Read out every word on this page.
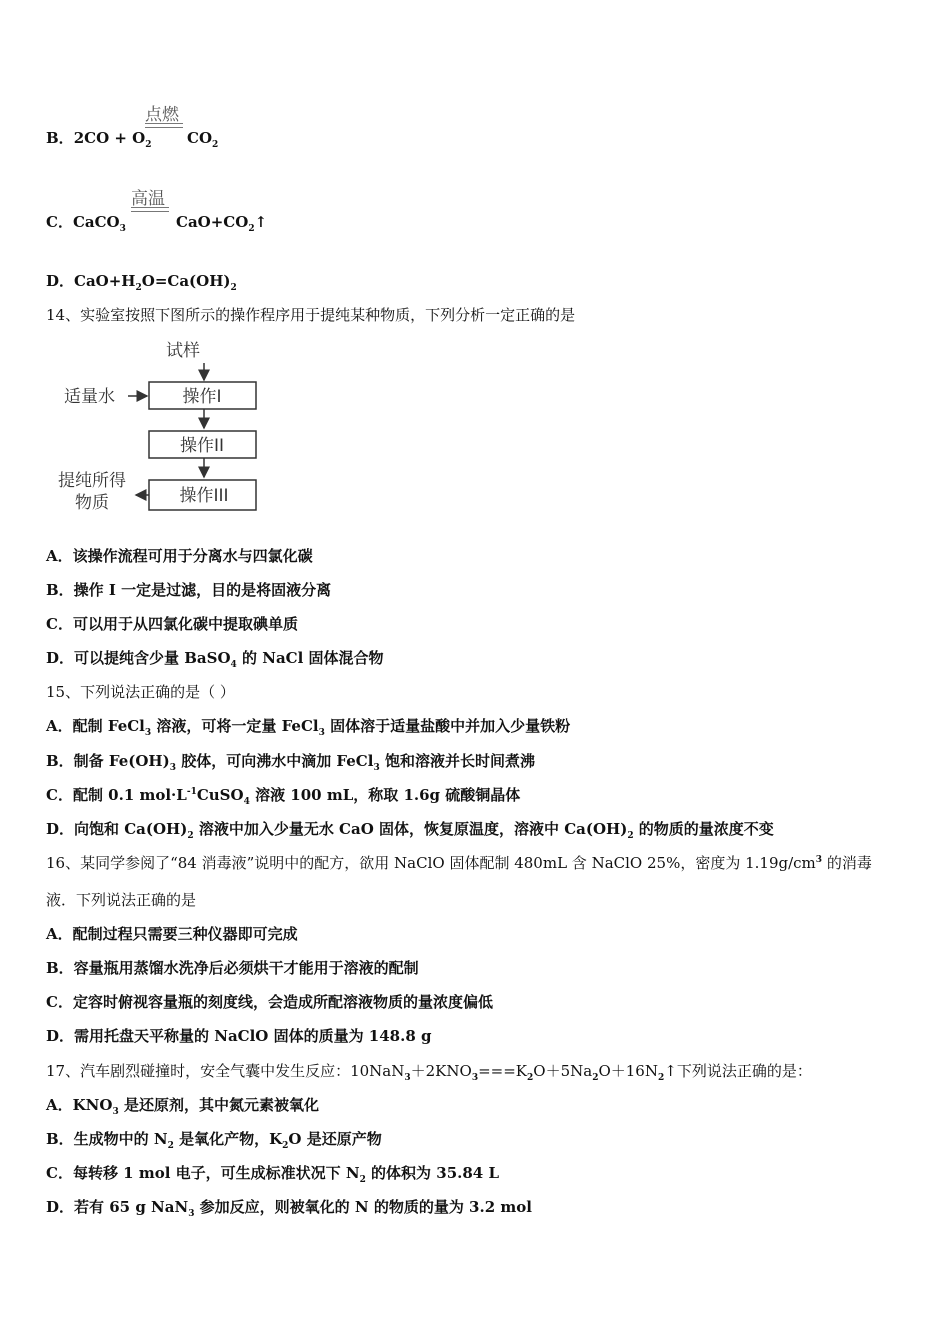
B．$2CO + O_2$
点燃
$CO_2$
C．CaCO$_3$
高温
$CaO+CO_2↑$
D．$CaO+H_2O=Ca(OH)_2$
14、实验室按照下图所示的操作程序用于提纯某种物质，下列分析一定正确的是
试样
操作I
适量水
操作II
操作III
提纯所得
物质
A．该操作流程可用于分离水与四氯化碳
B．操作 I 一定是过滤，目的是将固液分离
C．可以用于从四氯化碳中提取碘单质
D．可以提纯含少量 BaSO$_4$ 的 NaCl 固体混合物
15、下列说法正确的是（ ）
A．配制 FeCl$_3$ 溶液，可将一定量 FeCl$_3$ 固体溶于适量盐酸中并加入少量铁粉
B．制备 $Fe(OH)_3$ 胶体，可向沸水中滴加 FeCl$_3$ 饱和溶液并长时间煮沸
C．配制 0.1 $mol\cdot L^{-1}CuSO_4$ 溶液 100 mL，称取 1.6g 硫酸铜晶体
D．向饱和 $Ca(OH)_2$ 溶液中加入少量无水 CaO 固体，恢复原温度，溶液中 $Ca(OH)_2$ 的物质的量浓度不变
16、某同学参阅了“84 消毒液”说明中的配方，欲用 NaClO 固体配制 480mL 含 NaClO 25%，密度为 $1.19g/cm^3$ 的消毒
液．下列说法正确的是
A．配制过程只需要三种仪器即可完成
B．容量瓶用蒸馏水洗净后必须烘干才能用于溶液的配制
C．定容时俯视容量瓶的刻度线，会造成所配溶液物质的量浓度偏低
D．需用托盘天平称量的 NaClO 固体的质量为 148.8 g
17、汽车剧烈碰撞时，安全气囊中发生反应：$10NaN_3+2KNO_3===K_2O+5Na_2O+16N_2↑$下列说法正确的是：
A．$KNO_3$ 是还原剂，其中氮元素被氧化
B．生成物中的 $N_2$ 是氧化产物，$K_2O$ 是还原产物
C．每转移 1 mol 电子，可生成标准状况下 $N_2$ 的体积为 35.84 L
D．若有 65 g NaN$_3$ 参加反应，则被氧化的 N 的物质的量为 3.2 mol
